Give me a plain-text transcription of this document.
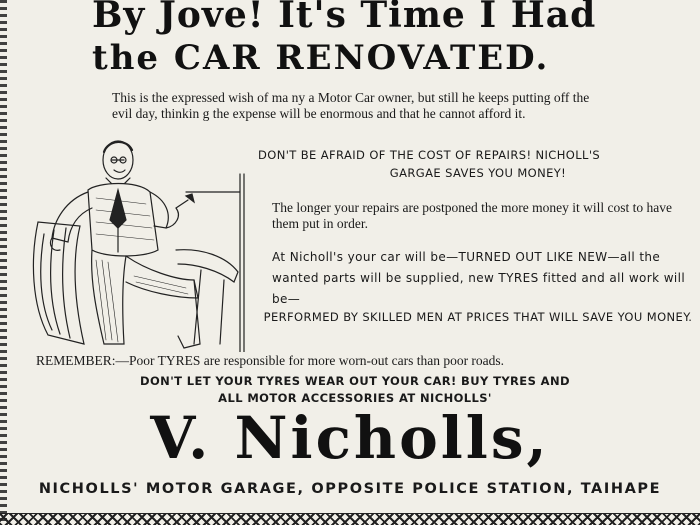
By Jove! It's Time I Had
the CAR RENOVATED.
This is the expressed wish of ma ny a Motor Car owner, but still he keeps putting off the evil day, thinkin g the expense will be enormous and that he cannot afford it.
DON'T BE AFRAID OF THE COST OF REPAIRS! NICHOLL'S
GARGAE SAVES YOU MONEY!
The longer your repairs are postponed the more money it will cost to have them put in order.
At Nicholl's your car will be—TURNED OUT LIKE NEW—all the wanted parts will be supplied, new TYRES fitted and all work will be—
PERFORMED BY SKILLED MEN AT PRICES THAT WILL SAVE YOU MONEY.
REMEMBER:—Poor TYRES are responsible for more worn-out cars than poor roads.
DON'T LET YOUR TYRES WEAR OUT YOUR CAR! BUY TYRES AND
ALL MOTOR ACCESSORIES AT NICHOLLS'
V. Nicholls,
NICHOLLS' MOTOR GARAGE, OPPOSITE POLICE STATION, TAIHAPE
